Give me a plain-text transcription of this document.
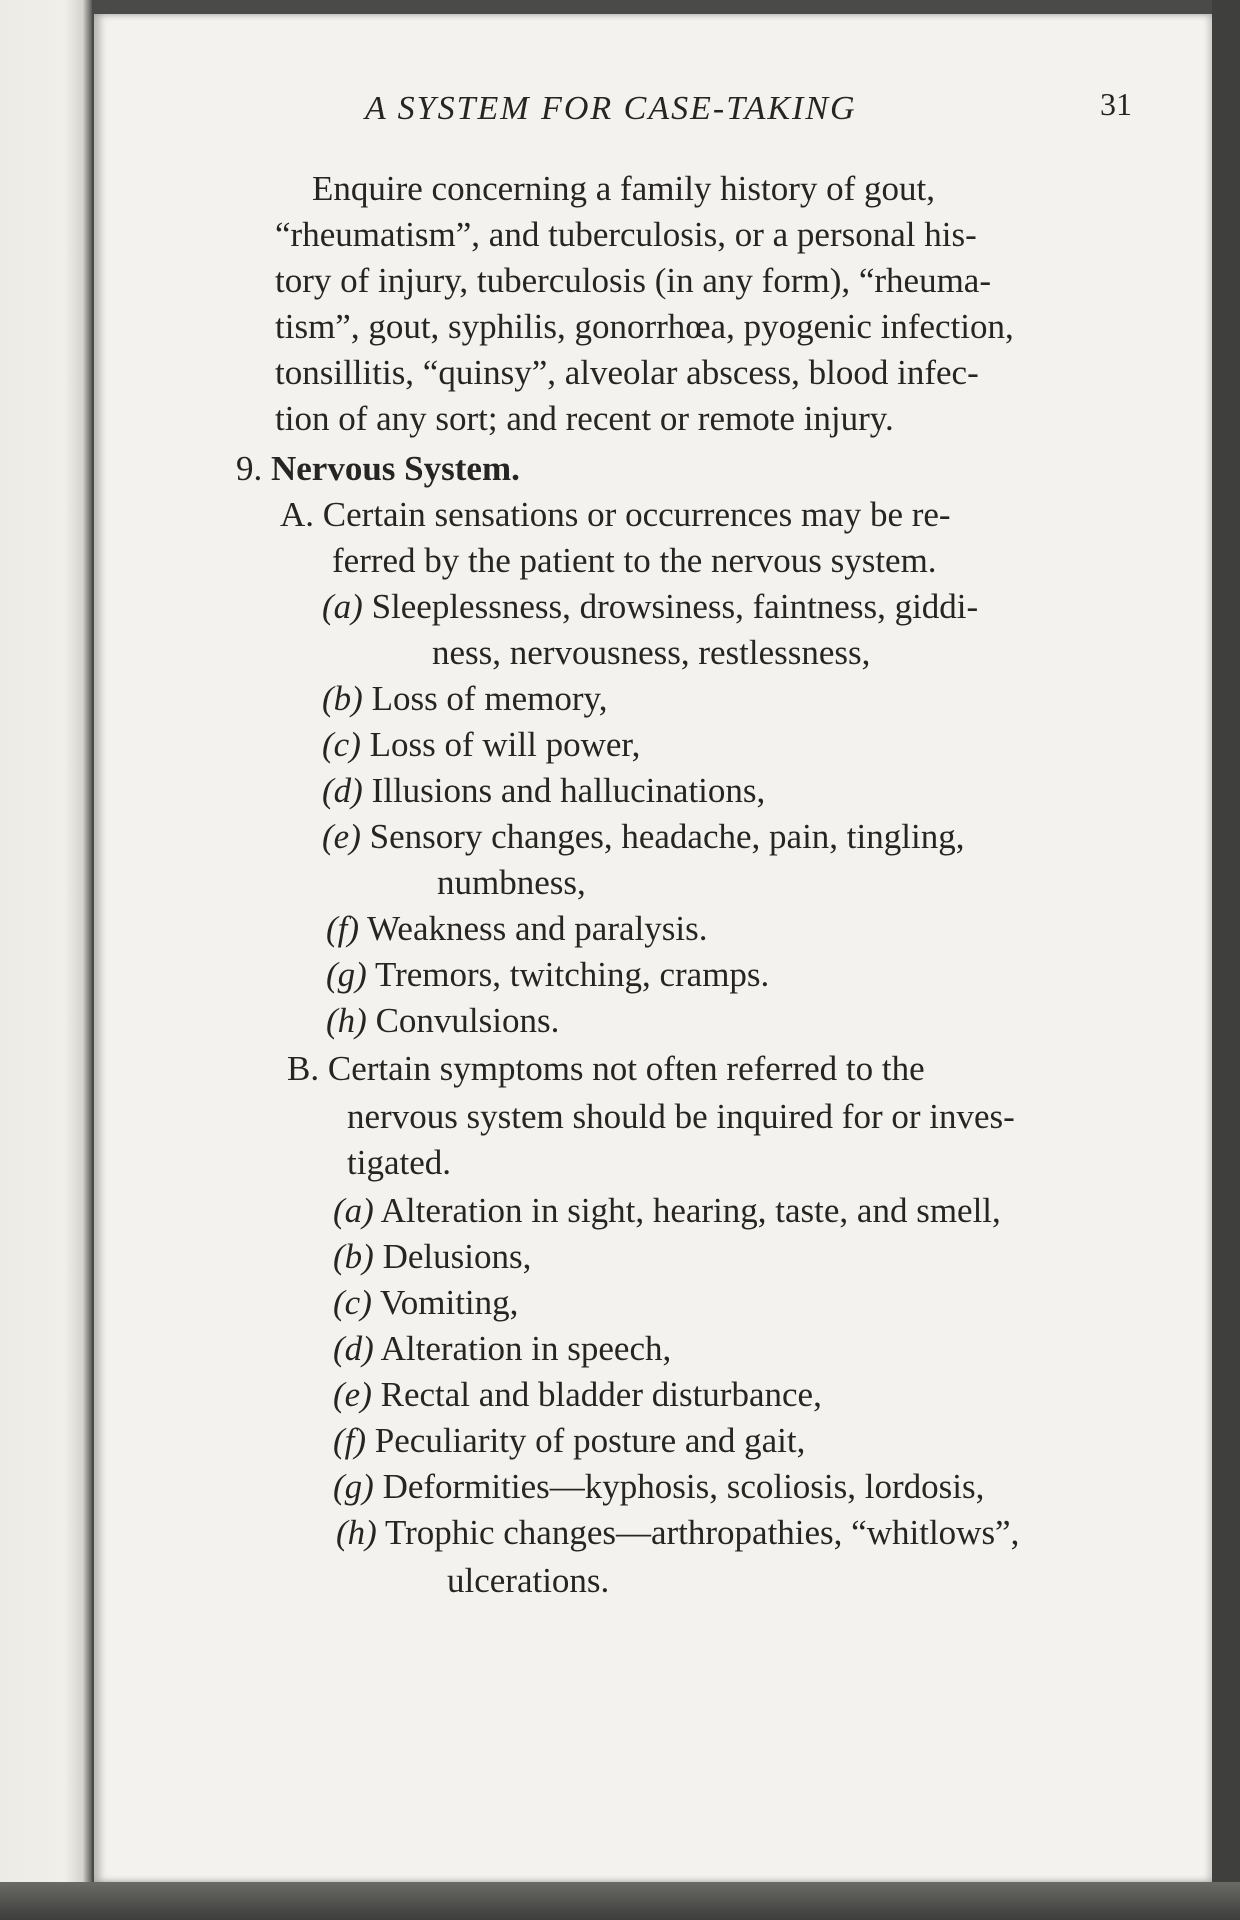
A SYSTEM FOR CASE-TAKING	31
Enquire concerning a family history of gout,
“rheumatism”, and tuberculosis, or a personal his-
tory of injury, tuberculosis (in any form), “rheuma-
tism”, gout, syphilis, gonorrhœa, pyogenic infection,
tonsillitis, “quinsy”, alveolar abscess, blood infec-
tion of any sort; and recent or remote injury.
9. Nervous System.
A. Certain sensations or occurrences may be re-
ferred by the patient to the nervous system.
(a) Sleeplessness, drowsiness, faintness, giddi-
ness, nervousness, restlessness,
(b) Loss of memory,
(c) Loss of will power,
(d) Illusions and hallucinations,
(e) Sensory changes, headache, pain, tingling,
numbness,
(f) Weakness and paralysis.
(g) Tremors, twitching, cramps.
(h) Convulsions.
B. Certain symptoms not often referred to the
nervous system should be inquired for or inves-
tigated.
(a) Alteration in sight, hearing, taste, and smell,
(b) Delusions,
(c) Vomiting,
(d) Alteration in speech,
(e) Rectal and bladder disturbance,
(f) Peculiarity of posture and gait,
(g) Deformities—kyphosis, scoliosis, lordosis,
(h) Trophic changes—arthropathies, “whitlows”,
ulcerations.
